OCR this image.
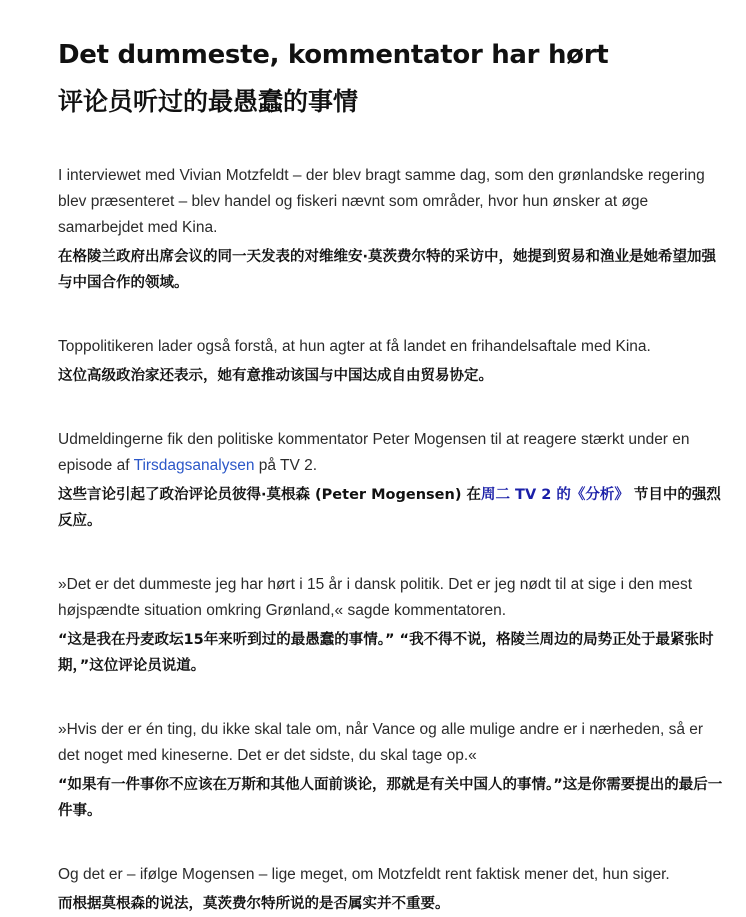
Det dummeste, kommentator har hørt
评论员听过的最愚蠢的事情

I interviewet med Vivian Motzfeldt – der blev bragt samme dag, som den grønlandske regering blev præsenteret – blev handel og fiskeri nævnt som områder, hvor hun ønsker at øge samarbejdet med Kina.

在格陵兰政府出席会议的同一天发表的对维维安·莫茨费尔特的采访中，她提到贸易和渔业是她希望加强与中国合作的领域。

Toppolitikeren lader også forstå, at hun agter at få landet en frihandelsaftale med Kina.

这位高级政治家还表示，她有意推动该国与中国达成自由贸易协定。

Udmeldingerne fik den politiske kommentator Peter Mogensen til at reagere stærkt under en episode af Tirsdagsanalysen på TV 2.

这些言论引起了政治评论员彼得·莫根森 (Peter Mogensen) 在周二 TV 2 的《分析》 节目中的强烈反应。

»Det er det dummeste jeg har hørt i 15 år i dansk politik. Det er jeg nødt til at sige i den mest højspændte situation omkring Grønland,« sagde kommentatoren.

“这是我在丹麦政坛15年来听到过的最愚蠢的事情。” “我不得不说，格陵兰周边的局势正处于最紧张时期，”这位评论员说道。

»Hvis der er én ting, du ikke skal tale om, når Vance og alle mulige andre er i nærheden, så er det noget med kineserne. Det er det sidste, du skal tage op.«

“如果有一件事你不应该在万斯和其他人面前谈论，那就是有关中国人的事情。”这是你需要提出的最后一件事。

Og det er – ifølge Mogensen – lige meget, om Motzfeldt rent faktisk mener det, hun siger.

而根据莫根森的说法，莫茨费尔特所说的是否属实并不重要。
